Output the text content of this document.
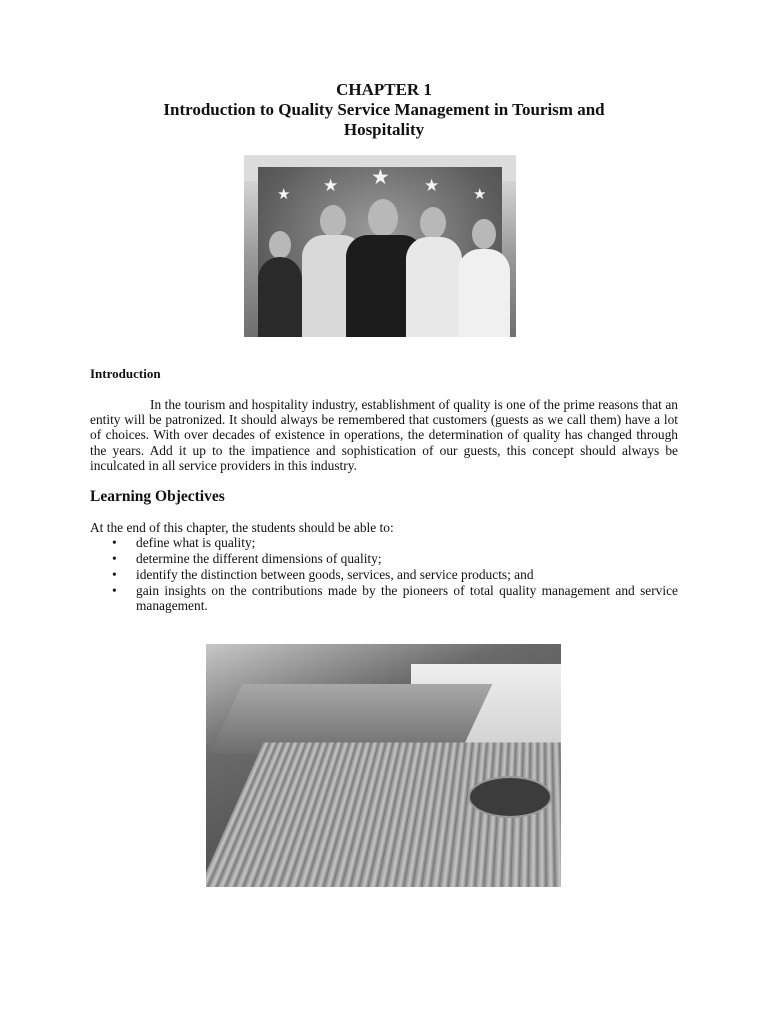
CHAPTER 1
Introduction to Quality Service Management in Tourism and
Hospitality
★ ★ ★ ★ ★
Introduction

In the tourism and hospitality industry, establishment of quality is one of the prime reasons that an entity will be patronized. It should always be remembered that customers (guests as we call them) have a lot of choices. With over decades of existence in operations, the determination of quality has changed through the years. Add it up to the impatience and sophistication of our guests, this concept should always be inculcated in all service providers in this industry.

Learning Objectives

At the end of this chapter, the students should be able to:

• define what is quality;
• determine the different dimensions of quality;
• identify the distinction between goods, services, and service products; and
• gain insights on the contributions made by the pioneers of total quality management and service management.
